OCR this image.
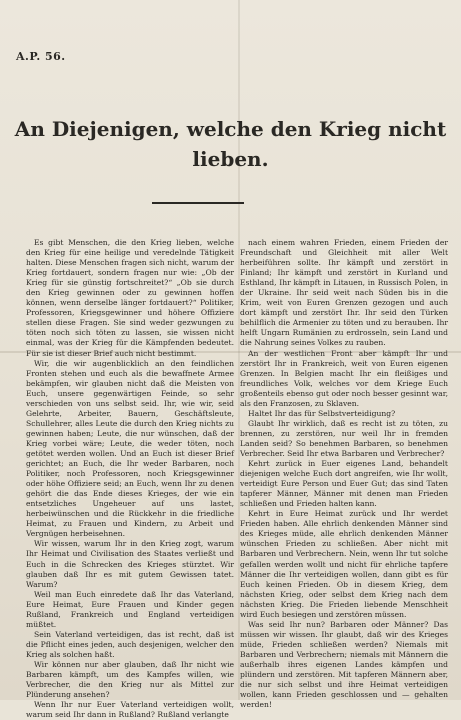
A.P. 56.
An Diejenigen, welche den Krieg nicht
lieben.

Es gibt Menschen, die den Krieg lieben, welche den Krieg für eine heilige und veredelnde Tätigkeit halten. Diese Menschen fragen sich nicht, warum der Krieg fortdauert, sondern fragen nur wie: „Ob der Krieg für sie günstig fortschreitet?“ „Ob sie durch den Krieg gewinnen oder zu gewinnen hoffen können, wenn derselbe länger fortdauert?“ Politiker, Professoren, Kriegsgewinner und höhere Offiziere stellen diese Fragen. Sie sind weder gezwungen zu töten noch sich töten zu lassen, sie wissen nicht einmal, was der Krieg für die Kämpfenden bedeutet. Für sie ist dieser Brief auch nicht bestimmt.

Wir, die wir augenblicklich an den feindlichen Fronten stehen und euch als die bewaffnete Armee bekämpfen, wir glauben nicht daß die Meisten von Euch, unsere gegenwärtigen Feinde, so sehr verschieden von uns selbst seid. Ihr, wie wir, seid Gelehrte, Arbeiter, Bauern, Geschäftsleute, Schullehrer, alles Leute die durch den Krieg nichts zu gewinnen haben; Leute, die nur wünschen, daß der Krieg vorbei wäre; Leute, die weder töten, noch getötet werden wollen. Und an Euch ist dieser Brief gerichtet; an Euch, die Ihr weder Barbaren, noch Politiker, noch Professoren, noch Kriegsgewinner oder höhe Offiziere seid; an Euch, wenn Ihr zu denen gehört die das Ende dieses Krieges, der wie ein entsetzliches Ungeheuer auf uns lastet, herbeiwünschen und die Rückkehr in die friedliche Heimat, zu Frauen und Kindern, zu Arbeit und Vergnügen herbeisehnen.

Wir wissen, warum Ihr in den Krieg zogt, warum Ihr Heimat und Civilisation des Staates verließt und Euch in die Schrecken des Krieges stürztet. Wir glauben daß Ihr es mit gutem Gewissen tatet. Warum?

Weil man Euch einredete daß Ihr das Vaterland, Eure Heimat, Eure Frauen und Kinder gegen Rußland, Frankreich und England verteidigen müßtet.

Sein Vaterland verteidigen, das ist recht, daß ist die Pflicht eines jeden, auch desjenigen, welcher den Krieg als solchen haßt.

Wir können nur aber glauben, daß Ihr nicht wie Barbaren kämpft, um des Kampfes willen, wie Verbrecher, die den Krieg nur als Mittel zur Plünderung ansehen?

Wenn Ihr nur Euer Vaterland verteidigen wollt, warum seid Ihr dann in Rußland? Rußland verlangte

nach einem wahren Frieden, einem Frieden der Freundschaft und Gleichheit mit aller Welt herbeiführen sollte. Ihr kämpft und zerstört in Finland; Ihr kämpft und zerstört in Kurland und Esthland, Ihr kämpft in Litauen, in Russisch Polen, in der Ukraine. Ihr seid weit nach Süden bis in die Krim, weit von Euren Grenzen gezogen und auch dort kämpft und zerstört Ihr. Ihr seid den Türken behilflich die Armenier zu töten und zu berauben. Ihr helft Ungarn Rumänien zu erdrosseln, sein Land und die Nahrung seines Volkes zu rauben.

An der westlichen Front aber kämpft Ihr und zerstört Ihr in Frankreich, weit von Euren eigenen Grenzen. In Belgien macht Ihr ein fleißiges und freundliches Volk, welches vor dem Kriege Euch großenteils ebenso gut oder noch besser gesinnt war, als den Franzosen, zu Sklaven.

Haltet Ihr das für Selbstverteidigung?

Glaubt Ihr wirklich, daß es recht ist zu töten, zu brennen, zu zerstören, nur weil Ihr in fremden Landen seid? So benehmen Barbaren, so benehmen Verbrecher. Seid Ihr etwa Barbaren und Verbrecher?

Kehrt zurück in Euer eigenes Land, behandelt diejenigen welche Euch dort angreifen, wie Ihr wollt, verteidigt Eure Person und Euer Gut; das sind Taten tapferer Männer, Männer mit denen man Frieden schließen und Frieden halten kann.

Kehrt in Eure Heimat zurück und Ihr werdet Frieden haben. Alle ehrlich denkenden Männer sind des Krieges müde, alle ehrlich denkenden Männer wünschen Frieden zu schließen. Aber nicht mit Barbaren und Verbrechern. Nein, wenn Ihr tut solche gefallen werden wollt und nicht für ehrliche tapfere Männer die Ihr verteidigen wollen, dann gibt es für Euch keinen Frieden. Ob in diesem Krieg, dem nächsten Krieg, oder selbst dem Krieg nach dem nächsten Krieg. Die Frieden liebende Menschheit wird Euch besiegen und zerstören müssen.

Was seid Ihr nun? Barbaren oder Männer? Das müssen wir wissen. Ihr glaubt, daß wir des Krieges müde, Frieden schließen werden? Niemals mit Barbaren und Verbrechern; niemals mit Männern die außerhalb ihres eigenen Landes kämpfen und plündern und zerstören. Mit tapferen Männern aber, die nur sich selbst und ihre Heimat verteidigen wollen, kann Frieden geschlossen und — gehalten werden!
